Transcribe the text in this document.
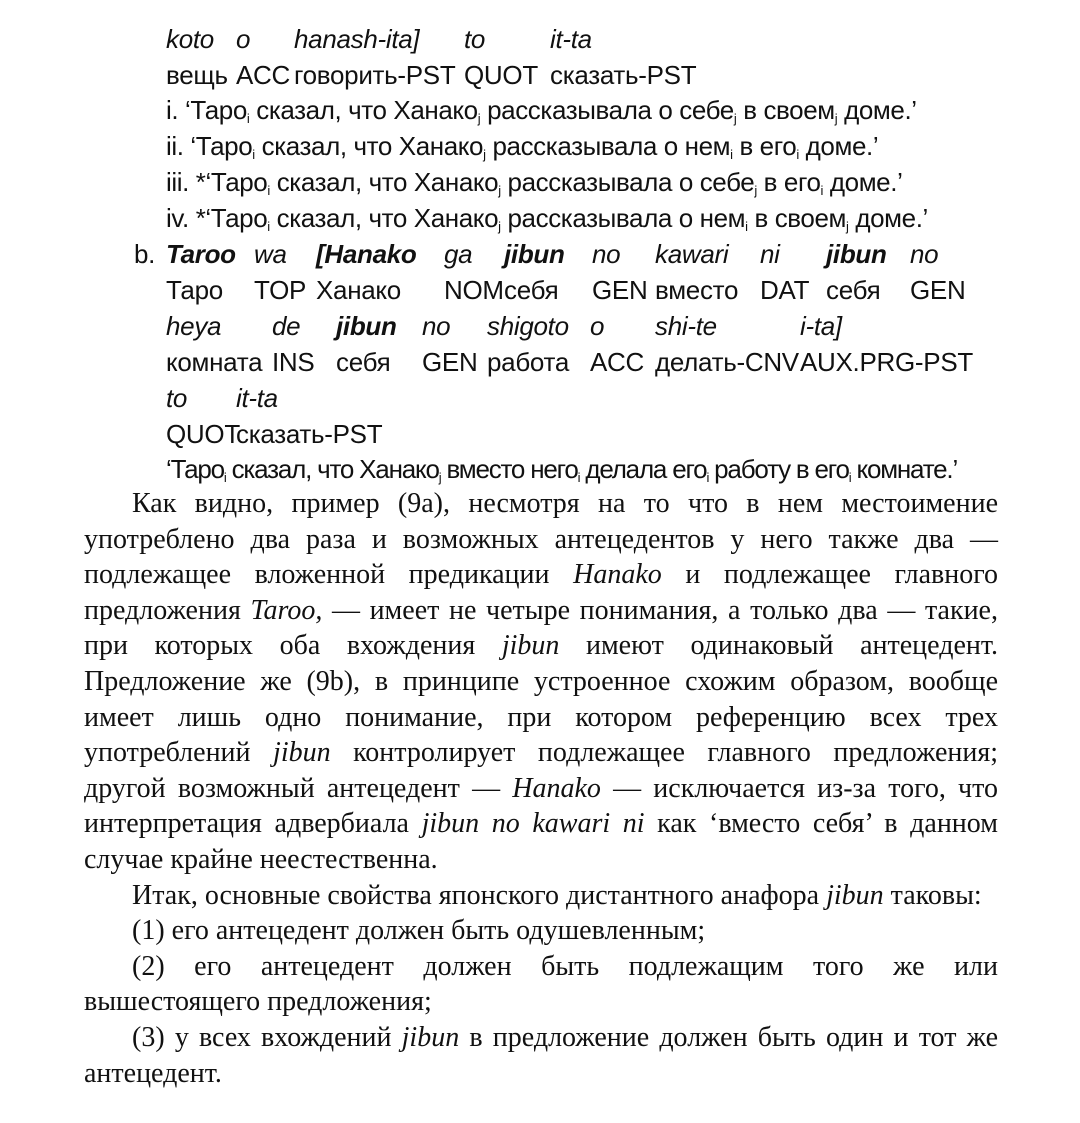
koto o hanash-ita] to it-ta
вещь ACC говорить-PST QUOT сказать-PST
i. ‘Таро$_i$ сказал, что Ханако$_j$ рассказывала о себе$_j$ в своем$_j$ доме.’
ii. ‘Таро$_i$ сказал, что Ханако$_j$ рассказывала о нем$_i$ в его$_i$ доме.’
iii. *‘Таро$_i$ сказал, что Ханако$_j$ рассказывала о себе$_j$ в его$_i$ доме.’
iv. *‘Таро$_i$ сказал, что Ханако$_j$ рассказывала о нем$_i$ в своем$_j$ доме.’
b. Taroo wa [Hanako ga jibun no kawari ni jibun no
Таро TOP Ханако NOM себя GEN вместо DAT себя GEN
heya de jibun no shigoto o shi-te	i-ta]
комната INS себя GEN работа ACC делать-CNV AUX.PRG-PST
to it-ta
QUOT
сказать-PST
‘Таро$_i$ сказал, что Ханако$_j$ вместо него$_i$ делала его$_i$ работу в его$_i$ комнате.’

Как видно, пример (9а), несмотря на то что в нем местоимение употреблено два раза и возможных антецедентов у него также два — подлежащее вложенной предикации Hanako и подлежащее главного предложения Taroo, — имеет не четыре понимания, а только два — такие, при которых оба вхождения jibun имеют одинаковый антецедент. Предложение же (9b), в принципе устроенное схожим образом, вообще имеет лишь одно понимание, при котором референцию всех трех употреблений jibun контролирует подлежащее главного предложения; другой возможный антецедент — Hanako — исключается из-за того, что интерпретация адвербиала jibun no kawari ni как ‘вместо себя’ в данном случае крайне неестественна.

Итак, основные свойства японского дистантного анафора jibun таковы:

(1) его антецедент должен быть одушевленным;

(2) его антецедент должен быть подлежащим того же или вышестоящего предложения;

(3) у всех вхождений jibun в предложение должен быть один и тот же антецедент.
